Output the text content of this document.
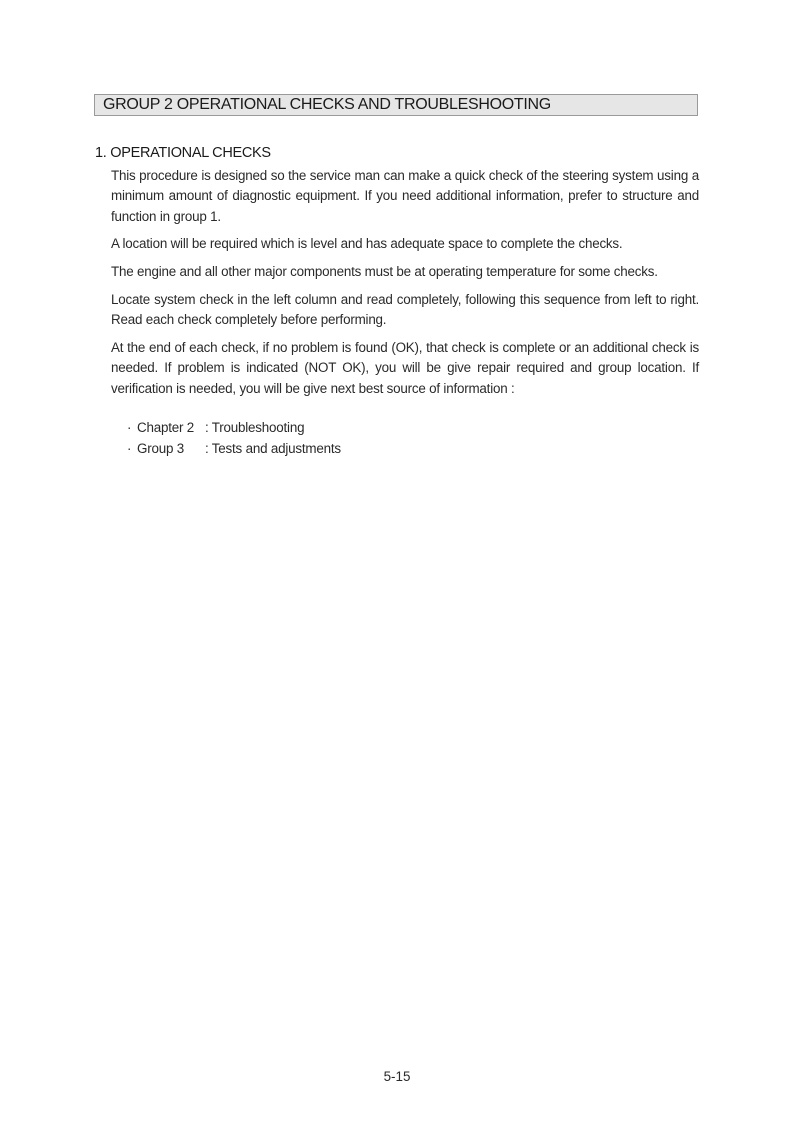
GROUP 2 OPERATIONAL CHECKS AND TROUBLESHOOTING
1. OPERATIONAL CHECKS

This procedure is designed so the service man can make a quick check of the steering system using a minimum amount of diagnostic equipment. If you need additional information, prefer to structure and function in group 1.

A location will be required which is level and has adequate space to complete the checks.

The engine and all other major components must be at operating temperature for some checks.

Locate system check in the left column and read completely, following this sequence from left to right. Read each check completely before performing.

At the end of each check, if no problem is found (OK), that check is complete or an additional check is needed. If problem is indicated (NOT OK), you will be give repair required and group location. If verification is needed, you will be give next best source of information :

· Chapter 2 : Troubleshooting
· Group 3	: Tests and adjustments
5-15
